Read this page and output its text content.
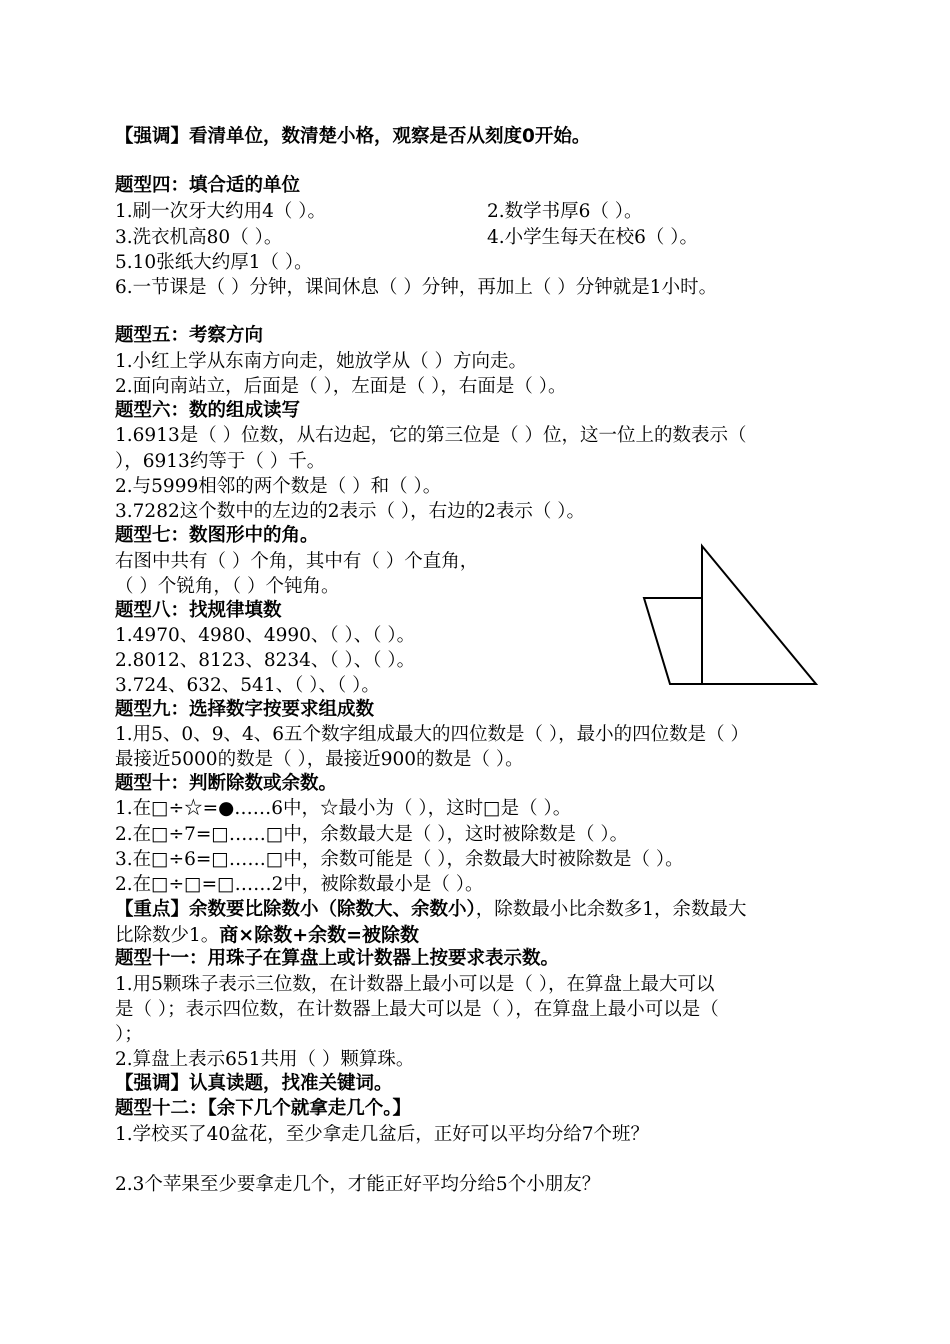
【强调】看清单位，数清楚小格，观察是否从刻度0开始。
题型四：填合适的单位
1.刷一次牙大约用4（ ）。	2.数学书厚6（ ）。
3.洗衣机高80（ ）。	4.小学生每天在校6（ ）。
5.10张纸大约厚1（ ）。
6.一节课是（ ）分钟，课间休息（ ）分钟，再加上（ ）分钟就是1小时。
题型五：考察方向
1.小红上学从东南方向走，她放学从（ ）方向走。
2.面向南站立，后面是（ ），左面是（ ），右面是（ ）。
题型六：数的组成读写
1.6913是（ ）位数，从右边起，它的第三位是（ ）位，这一位上的数表示（
），6913约等于（ ）千。
2.与5999相邻的两个数是（ ）和（ ）。
3.7282这个数中的左边的2表示（ ），右边的2表示（ ）。
题型七：数图形中的角。
右图中共有（ ）个角，其中有（ ）个直角，
（ ）个锐角，（ ）个钝角。
题型八：找规律填数
1.4970、4980、4990、（ ）、（ ）。
2.8012、8123、8234、（ ）、（ ）。
3.724、632、541、（ ）、（ ）。
题型九：选择数字按要求组成数
1.用5、0、9、4、6五个数字组成最大的四位数是（ ），最小的四位数是（ ）
最接近5000的数是（ ），最接近900的数是（ ）。
题型十：判断除数或余数。
1.在□÷☆=●……6中，☆最小为（ ），这时□是（ ）。
2.在□÷7=□……□中，余数最大是（ ），这时被除数是（ ）。
3.在□÷6=□……□中，余数可能是（ ），余数最大时被除数是（ ）。
2.在□÷□=□……2中，被除数最小是（ ）。
【重点】余数要比除数小（除数大、余数小），除数最小比余数多1，余数最大
比除数少1。商×除数+余数=被除数
题型十一：用珠子在算盘上或计数器上按要求表示数。
1.用5颗珠子表示三位数，在计数器上最小可以是（ ），在算盘上最大可以
是（ ）；表示四位数，在计数器上最大可以是（ ），在算盘上最小可以是（
）；
2.算盘上表示651共用（ ）颗算珠。
【强调】认真读题，找准关键词。
题型十二：【余下几个就拿走几个。】
1.学校买了40盆花，至少拿走几盆后，正好可以平均分给7个班？
2.3个苹果至少要拿走几个，才能正好平均分给5个小朋友？
